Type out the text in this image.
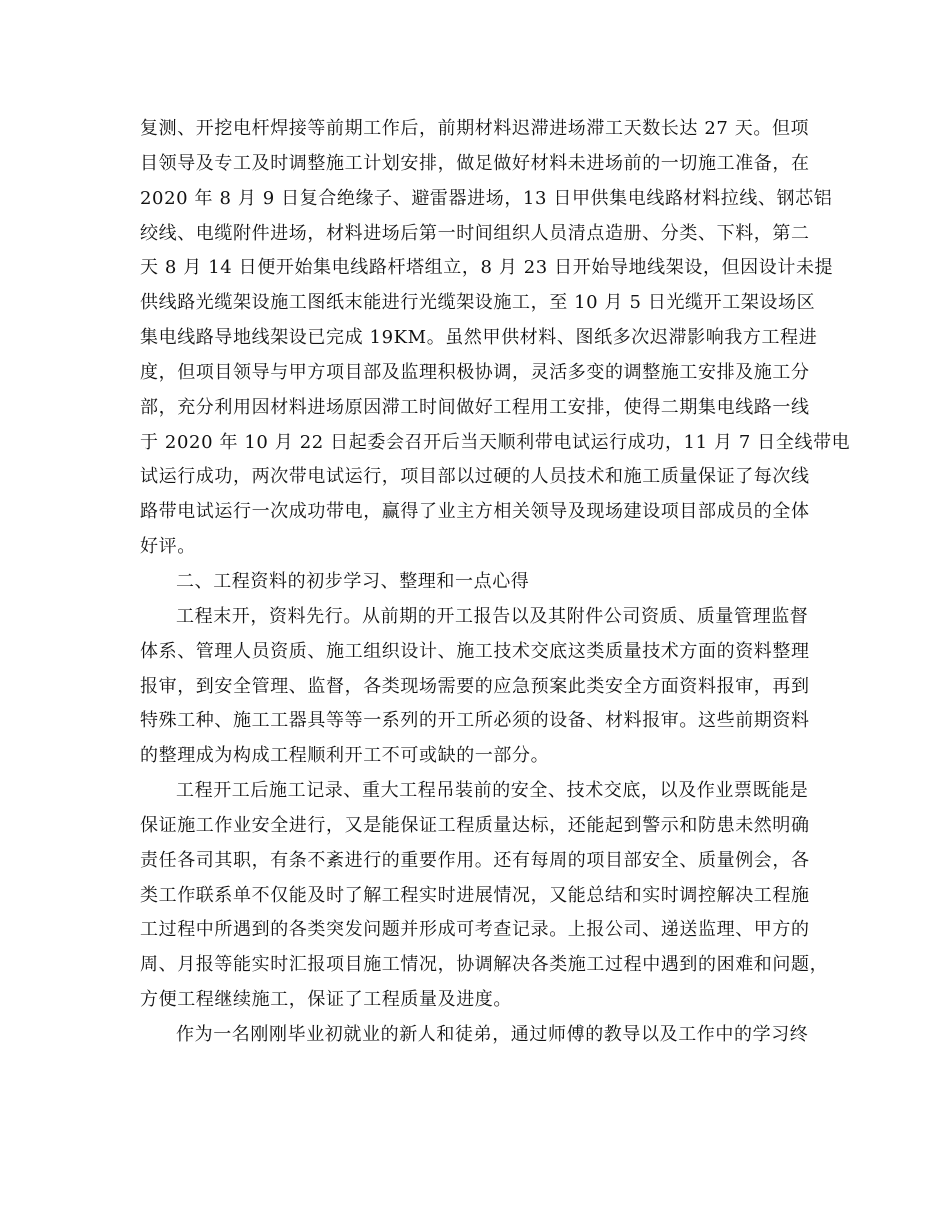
复测、开挖电杆焊接等前期工作后，前期材料迟滞进场滞工天数长达 27 天。但项
目领导及专工及时调整施工计划安排，做足做好材料未进场前的一切施工准备，在
2020 年 8 月 9 日复合绝缘子、避雷器进场，13 日甲供集电线路材料拉线、钢芯铝
绞线、电缆附件进场，材料进场后第一时间组织人员清点造册、分类、下料，第二
天 8 月 14 日便开始集电线路杆塔组立，8 月 23 日开始导地线架设，但因设计未提
供线路光缆架设施工图纸末能进行光缆架设施工，至 10 月 5 日光缆开工架设场区
集电线路导地线架设已完成 19KM。虽然甲供材料、图纸多次迟滞影响我方工程进
度，但项目领导与甲方项目部及监理积极协调，灵活多变的调整施工安排及施工分
部，充分利用因材料进场原因滞工时间做好工程用工安排，使得二期集电线路一线
于 2020 年 10 月 22 日起委会召开后当天顺利带电试运行成功，11 月 7 日全线带电
试运行成功，两次带电试运行，项目部以过硬的人员技术和施工质量保证了每次线
路带电试运行一次成功带电，赢得了业主方相关领导及现场建设项目部成员的全体
好评。
二、工程资料的初步学习、整理和一点心得
工程末开，资料先行。从前期的开工报告以及其附件公司资质、质量管理监督
体系、管理人员资质、施工组织设计、施工技术交底这类质量技术方面的资料整理
报审，到安全管理、监督，各类现场需要的应急预案此类安全方面资料报审，再到
特殊工种、施工工器具等等一系列的开工所必须的设备、材料报审。这些前期资料
的整理成为构成工程顺利开工不可或缺的一部分。
工程开工后施工记录、重大工程吊装前的安全、技术交底，以及作业票既能是
保证施工作业安全进行，又是能保证工程质量达标，还能起到警示和防患未然明确
责任各司其职，有条不紊进行的重要作用。还有每周的项目部安全、质量例会，各
类工作联系单不仅能及时了解工程实时进展情况，又能总结和实时调控解决工程施
工过程中所遇到的各类突发问题并形成可考查记录。上报公司、递送监理、甲方的
周、月报等能实时汇报项目施工情况，协调解决各类施工过程中遇到的困难和问题，
方便工程继续施工，保证了工程质量及进度。
作为一名刚刚毕业初就业的新人和徒弟，通过师傅的教导以及工作中的学习终
